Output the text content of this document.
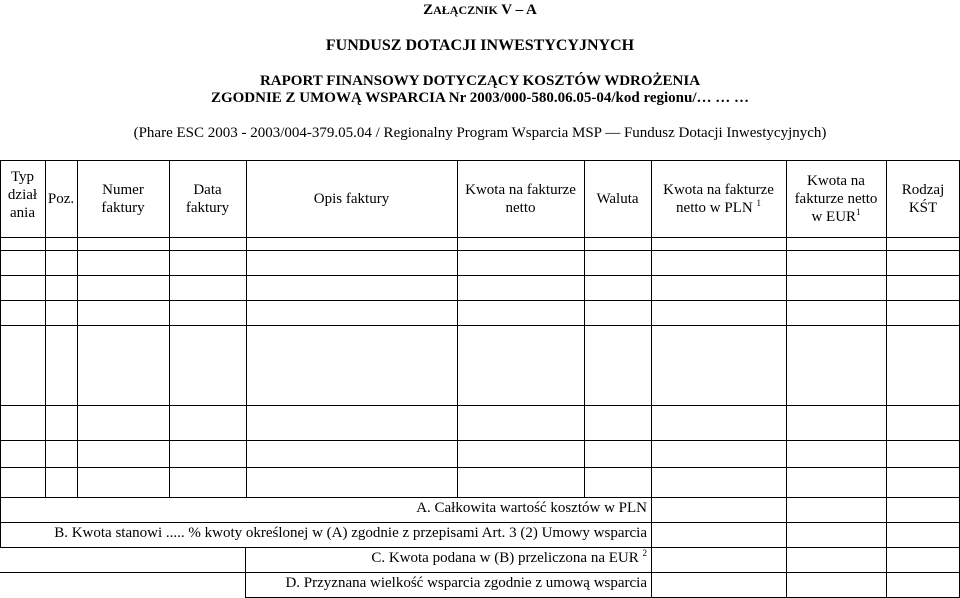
ZAŁĄCZNIK V – A
FUNDUSZ DOTACJI INWESTYCYJNYCH
RAPORT FINANSOWY DOTYCZĄCY KOSZTÓW WDROŻENIA
ZGODNIE Z UMOWĄ WSPARCIA Nr 2003/000-580.06.05-04/kod regionu/… … …
(Phare ESC 2003 - 2003/004-379.05.04 / Regionalny Program Wsparcia MSP — Fundusz Dotacji Inwestycyjnych)
Typ
dział
ania
Poz.
Numer
faktury
Data
faktury
Opis faktury
Kwota na fakturze
netto
Waluta
Kwota na fakturze
netto w PLN $^1$
Kwota na
fakturze netto
w EUR$^1$
Rodzaj
KŚT
A. Całkowita wartość kosztów w PLN
B. Kwota stanowi ..... % kwoty określonej w (A) zgodnie z przepisami Art. 3 (2) Umowy wsparcia
C. Kwota podana w (B) przeliczona na EUR $^2$
D. Przyznana wielkość wsparcia zgodnie z umową wsparcia
